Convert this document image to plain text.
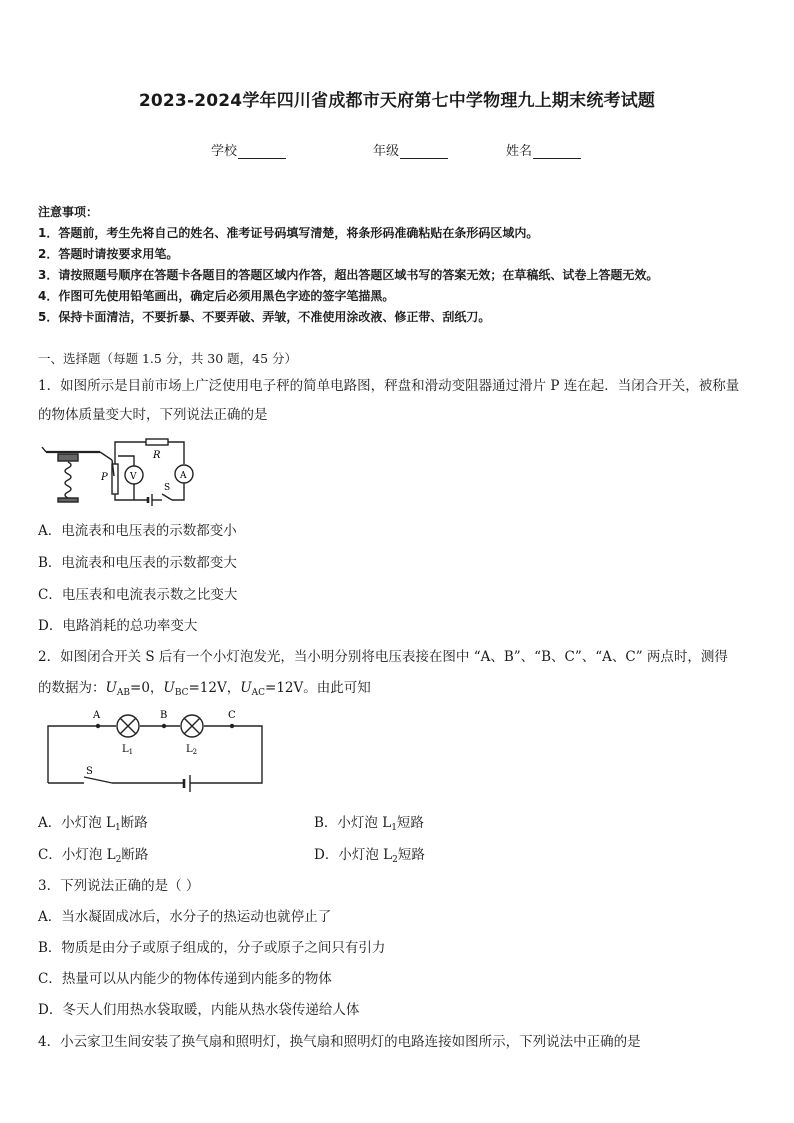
2023-2024学年四川省成都市天府第七中学物理九上期末统考试题
学校	年级	姓名
注意事项：
1．答题前，考生先将自己的姓名、准考证号码填写清楚，将条形码准确粘贴在条形码区域内。
2．答题时请按要求用笔。
3．请按照题号顺序在答题卡各题目的答题区域内作答，超出答题区域书写的答案无效；在草稿纸、试卷上答题无效。
4．作图可先使用铅笔画出，确定后必须用黑色字迹的签字笔描黑。
5．保持卡面清洁，不要折暴、不要弄破、弄皱，不准使用涂改液、修正带、刮纸刀。
一、选择题（每题 1.5 分，共 30 题，45 分）
1．如图所示是目前市场上广泛使用电子秤的简单电路图，秤盘和滑动变阻器通过滑片 P 连在起．当闭合开关，被称量
的物体质量变大时，下列说法正确的是
R
P V	A
S
A．电流表和电压表的示数都变小
B．电流表和电压表的示数都变大
C．电压表和电流表示数之比变大
D．电路消耗的总功率变大
2．如图闭合开关 S 后有一个小灯泡发光，当小明分别将电压表接在图中 “A、B”、“B、C”、“A、C” 两点时，测得
的数据为：$U_{AB}=0$，$U_{BC}=12V$，$U_{AC}=12V$。由此可知
A	B	C
$L_1$	$L_2$
S
A．小灯泡 $L_1$断路	B．小灯泡 $L_1$短路
C．小灯泡 $L_2$断路	D．小灯泡 $L_2$短路
3．下列说法正确的是（ ）
A．当水凝固成冰后，水分子的热运动也就停止了
B．物质是由分子或原子组成的，分子或原子之间只有引力
C．热量可以从内能少的物体传递到内能多的物体
D．冬天人们用热水袋取暖，内能从热水袋传递给人体
4．小云家卫生间安装了换气扇和照明灯，换气扇和照明灯的电路连接如图所示，下列说法中正确的是
